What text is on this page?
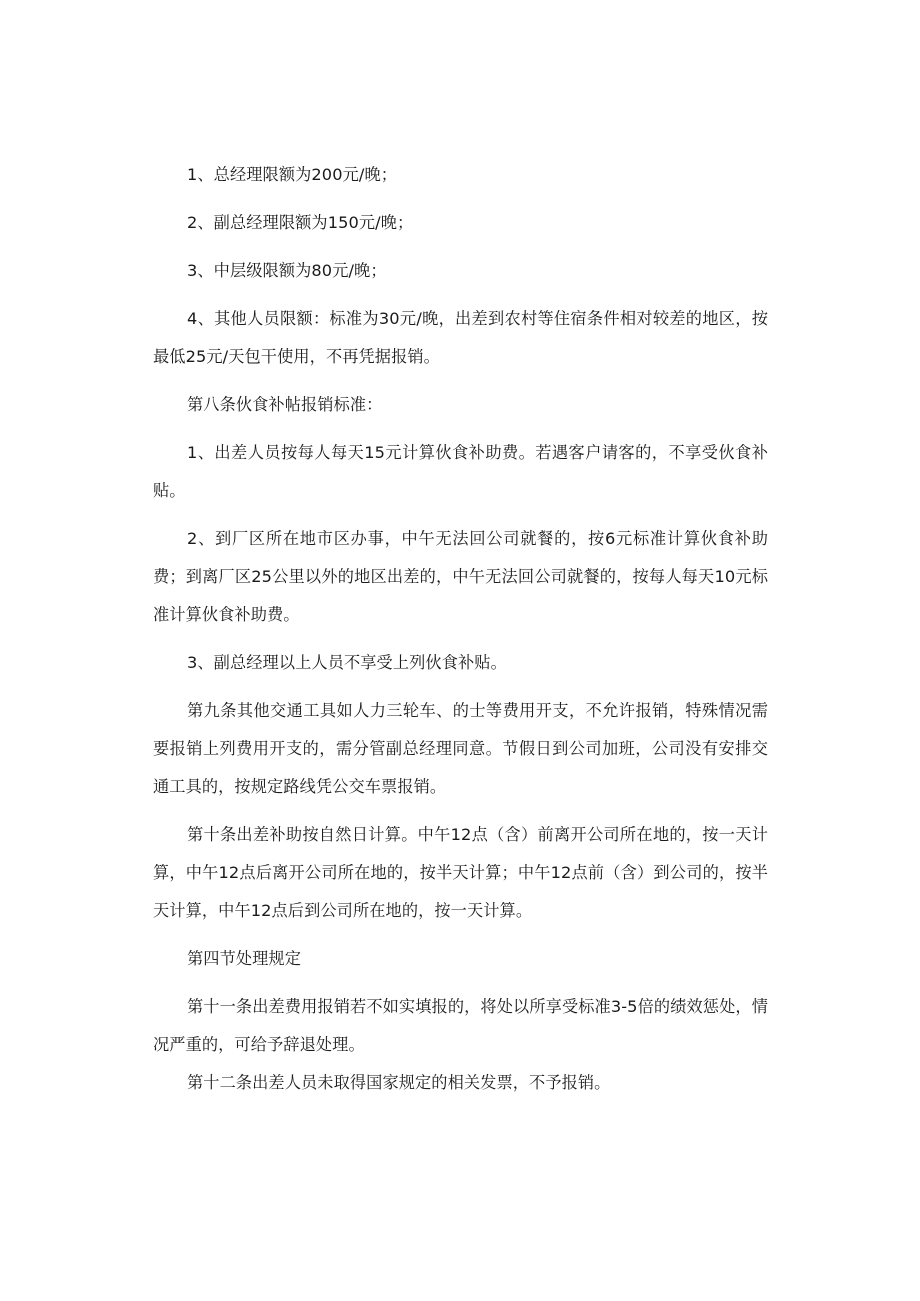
1、总经理限额为200元/晚；

2、副总经理限额为150元/晚；

3、中层级限额为80元/晚；

4、其他人员限额：标准为30元/晚，出差到农村等住宿条件相对较差的地区，按最低25元/天包干使用，不再凭据报销。

第八条伙食补帖报销标准：

1、出差人员按每人每天15元计算伙食补助费。若遇客户请客的，不享受伙食补贴。

2、到厂区所在地市区办事，中午无法回公司就餐的，按6元标准计算伙食补助费；到离厂区25公里以外的地区出差的，中午无法回公司就餐的，按每人每天10元标准计算伙食补助费。

3、副总经理以上人员不享受上列伙食补贴。

第九条其他交通工具如人力三轮车、的士等费用开支，不允许报销，特殊情况需要报销上列费用开支的，需分管副总经理同意。节假日到公司加班，公司没有安排交通工具的，按规定路线凭公交车票报销。

第十条出差补助按自然日计算。中午12点（含）前离开公司所在地的，按一天计算，中午12点后离开公司所在地的，按半天计算；中午12点前（含）到公司的，按半天计算，中午12点后到公司所在地的，按一天计算。

第四节处理规定

第十一条出差费用报销若不如实填报的，将处以所享受标准3-5倍的绩效惩处，情况严重的，可给予辞退处理。

第十二条出差人员未取得国家规定的相关发票，不予报销。
